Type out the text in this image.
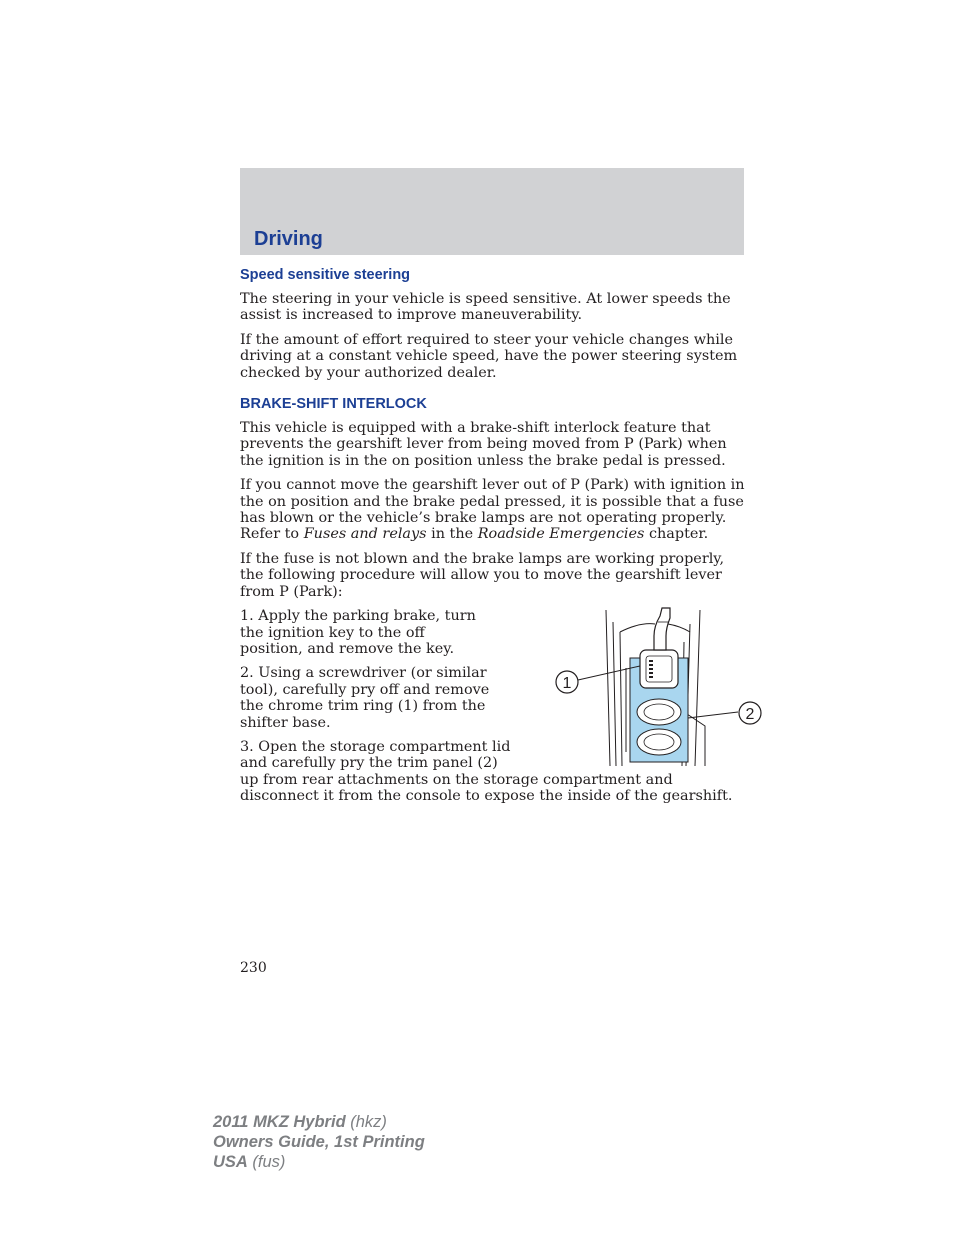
Driving
Speed sensitive steering

The steering in your vehicle is speed sensitive. At lower speeds the assist is increased to improve maneuverability.

If the amount of effort required to steer your vehicle changes while driving at a constant vehicle speed, have the power steering system checked by your authorized dealer.

BRAKE-SHIFT INTERLOCK

This vehicle is equipped with a brake-shift interlock feature that prevents the gearshift lever from being moved from P (Park) when the ignition is in the on position unless the brake pedal is pressed.

If you cannot move the gearshift lever out of P (Park) with ignition in the on position and the brake pedal pressed, it is possible that a fuse has blown or the vehicle’s brake lamps are not operating properly. Refer to Fuses and relays in the Roadside Emergencies chapter.

If the fuse is not blown and the brake lamps are working properly, the following procedure will allow you to move the gearshift lever from P (Park):

1
2

1. Apply the parking brake, turn the ignition key to the off position, and remove the key.

2. Using a screwdriver (or similar tool), carefully pry off and remove the chrome trim ring (1) from the shifter base.

3. Open the storage compartment lid and carefully pry the trim panel (2) up from rear attachments on the storage compartment and disconnect it from the console to expose the inside of the gearshift.

230
2011 MKZ Hybrid (hkz)
Owners Guide, 1st Printing
USA (fus)
